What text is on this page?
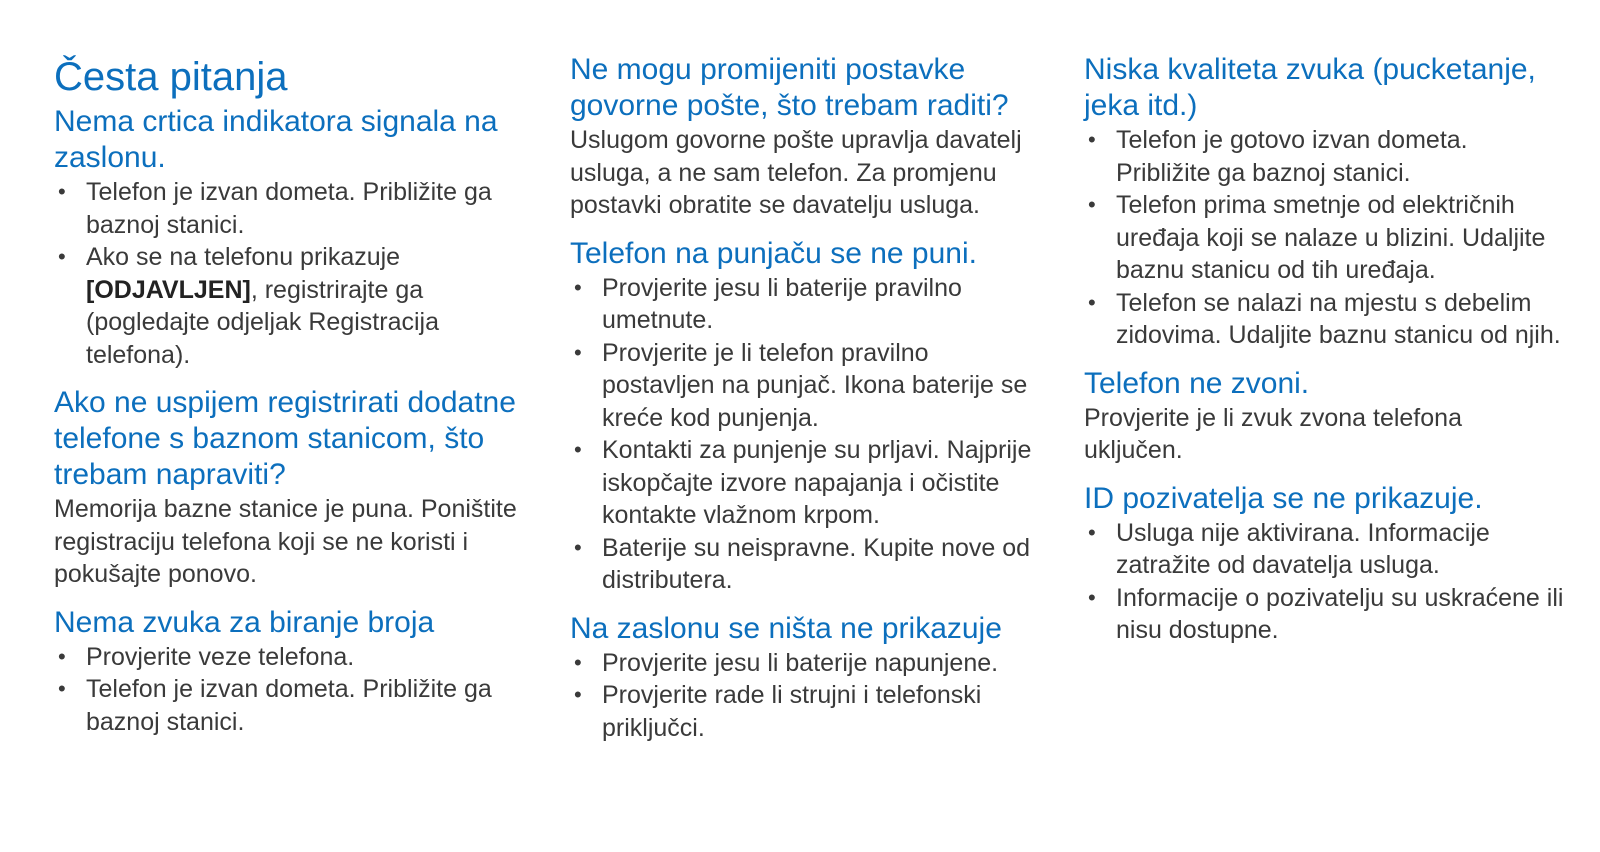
Česta pitanja
Nema crtica indikatora signala na zaslonu.
• Telefon je izvan dometa. Približite ga baznoj stanici.
• Ako se na telefonu prikazuje [ODJAVLJEN], registrirajte ga (pogledajte odjeljak Registracija telefona).
Ako ne uspijem registrirati dodatne telefone s baznom stanicom, što trebam napraviti?

Memorija bazne stanice je puna. Poništite registraciju telefona koji se ne koristi i pokušajte ponovo.

Nema zvuka za biranje broja
• Provjerite veze telefona.
• Telefon je izvan dometa. Približite ga baznoj stanici.
Ne mogu promijeniti postavke govorne pošte, što trebam raditi?

Uslugom govorne pošte upravlja davatelj usluga, a ne sam telefon. Za promjenu postavki obratite se davatelju usluga.

Telefon na punjaču se ne puni.
• Provjerite jesu li baterije pravilno umetnute.
• Provjerite je li telefon pravilno postavljen na punjač. Ikona baterije se kreće kod punjenja.
• Kontakti za punjenje su prljavi. Najprije iskopčajte izvore napajanja i očistite kontakte vlažnom krpom.
• Baterije su neispravne. Kupite nove od distributera.
Na zaslonu se ništa ne prikazuje
• Provjerite jesu li baterije napunjene.
• Provjerite rade li strujni i telefonski priključci.
Niska kvaliteta zvuka (pucketanje, jeka itd.)
• Telefon je gotovo izvan dometa. Približite ga baznoj stanici.
• Telefon prima smetnje od električnih uređaja koji se nalaze u blizini. Udaljite baznu stanicu od tih uređaja.
• Telefon se nalazi na mjestu s debelim zidovima. Udaljite baznu stanicu od njih.
Telefon ne zvoni.

Provjerite je li zvuk zvona telefona uključen.

ID pozivatelja se ne prikazuje.
• Usluga nije aktivirana. Informacije zatražite od davatelja usluga.
• Informacije o pozivatelju su uskraćene ili nisu dostupne.
